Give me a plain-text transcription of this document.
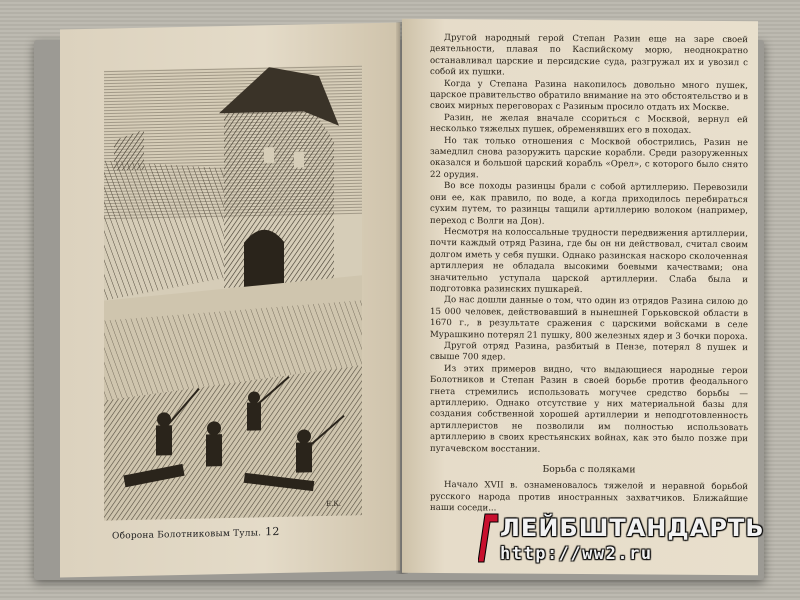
Е.К.
Оборона Болотниковым Тулы. 12

Другой народный герой Степан Разин еще на заре своей деятельности, плавая по Каспийскому морю, неоднократно останавливал царские и персидские суда, разгружал их и увозил с собой их пушки.

Когда у Степана Разина накопилось довольно много пушек, царское правительство обратило внимание на это обстоятельство и в своих мирных переговорах с Разиным просило отдать их Москве.

Разин, не желая вначале ссориться с Москвой, вернул ей несколько тяжелых пушек, обременявших его в походах.

Но так только отношения с Москвой обострились, Разин не замедлил снова разоружить царские корабли. Среди разоруженных оказался и большой царский корабль «Орел», с которого было снято 22 орудия.

Во все походы разинцы брали с собой артиллерию. Перевозили они ее, как правило, по воде, а когда приходилось перебираться сухим путем, то разинцы тащили артиллерию волоком (например, переход с Волги на Дон).

Несмотря на колоссальные трудности передвижения артиллерии, почти каждый отряд Разина, где бы он ни действовал, считал своим долгом иметь у себя пушки. Однако разинская наскоро сколоченная артиллерия не обладала высокими боевыми качествами; она значительно уступала царской артиллерии. Слаба была и подготовка разинских пушкарей.

До нас дошли данные о том, что один из отрядов Разина силою до 15 000 человек, действовавший в нынешней Горьковской области в 1670 г., в результате сражения с царскими войсками в селе Мурашкино потерял 21 пушку, 800 железных ядер и 3 бочки пороха.

Другой отряд Разина, разбитый в Пензе, потерял 8 пушек и свыше 700 ядер.

Из этих примеров видно, что выдающиеся народные герои Болотников и Степан Разин в своей борьбе против феодального гнета стремились использовать могучее средство борьбы — артиллерию. Однако отсутствие у них материальной базы для создания собственной хорошей артиллерии и неподготовленность артиллеристов не позволили им полностью использовать артиллерию в своих крестьянских войнах, как это было позже при пугачевском восстании.

Борьба с поляками

Начало XVII в. ознаменовалось тяжелой и неравной борьбой русского народа против иностранных захватчиков. Ближайшие наши соседи...

ЛЕЙБШТАНДАРТЬ
http://ww2.ru
